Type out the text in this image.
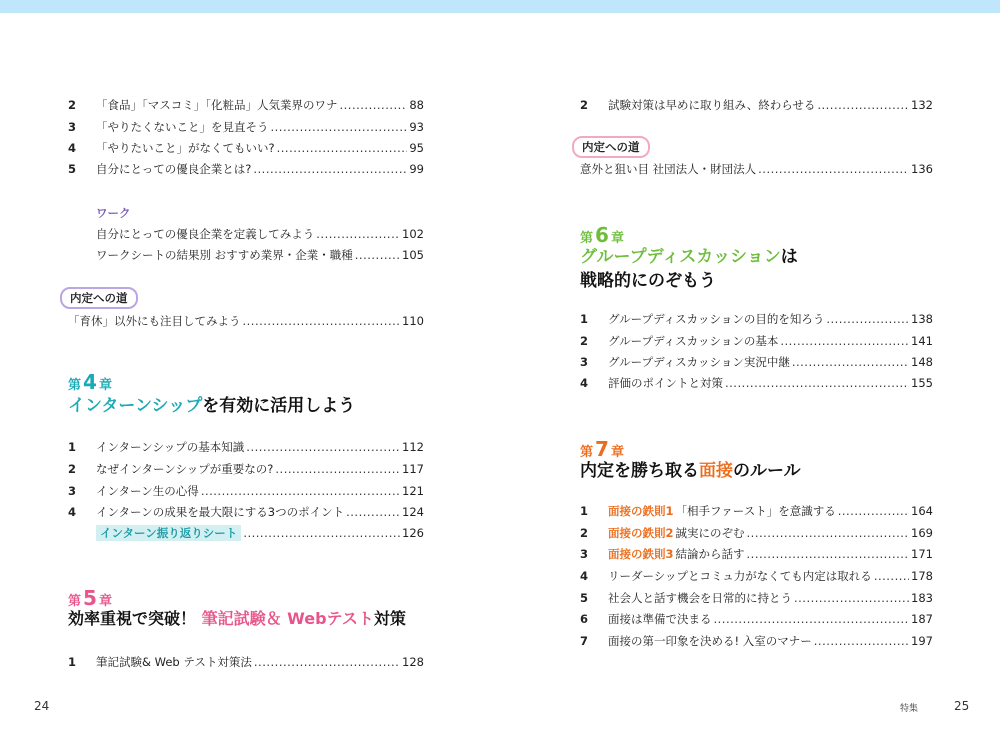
2	「食品」「マスコミ」「化粧品」人気業界のワナ .....	88
3	「やりたくないこと」を見直そう .....	93
4	「やりたいこと」がなくてもいい? .....	95
5	自分にとっての優良企業とは? .....	99
ワーク
自分にとっての優良企業を定義してみよう .....	102
ワークシートの結果別 おすすめ業界・企業・職種 .....	105
内定への道
「育休」以外にも注目してみよう .....	110
第 4 章
インターンシップを有効に活用しよう
1	インターンシップの基本知識 .....	112
2	なぜインターンシップが重要なの? .....	117
3	インターン生の心得 .....	121
4	インターンの成果を最大限にする3つのポイント .....	124
インターン振り返りシート .....	126
第 5 章
効率重視で突破！ 筆記試験＆ Webテスト対策
1	筆記試験& Web テスト対策法 .....	128
24
2	試験対策は早めに取り組み、終わらせる .....	132
内定への道
意外と狙い目 社団法人・財団法人 .....	136
第 6 章
グループディスカッションは
戦略的にのぞもう
1	グループディスカッションの目的を知ろう .....	138
2	グループディスカッションの基本 .....	141
3	グループディスカッション実況中継 .....	148
4	評価のポイントと対策 .....	155
第 7 章
内定を勝ち取る面接のルール
1	面接の鉄則1 「相手ファースト」を意識する .....	164
2	面接の鉄則2 誠実にのぞむ .....	169
3	面接の鉄則3 結論から話す .....	171
4	リーダーシップとコミュ力がなくても内定は取れる .....	178
5	社会人と話す機会を日常的に持とう .....	183
6	面接は準備で決まる .....	187
7	面接の第一印象を決める! 入室のマナー .....	197
特集	25
